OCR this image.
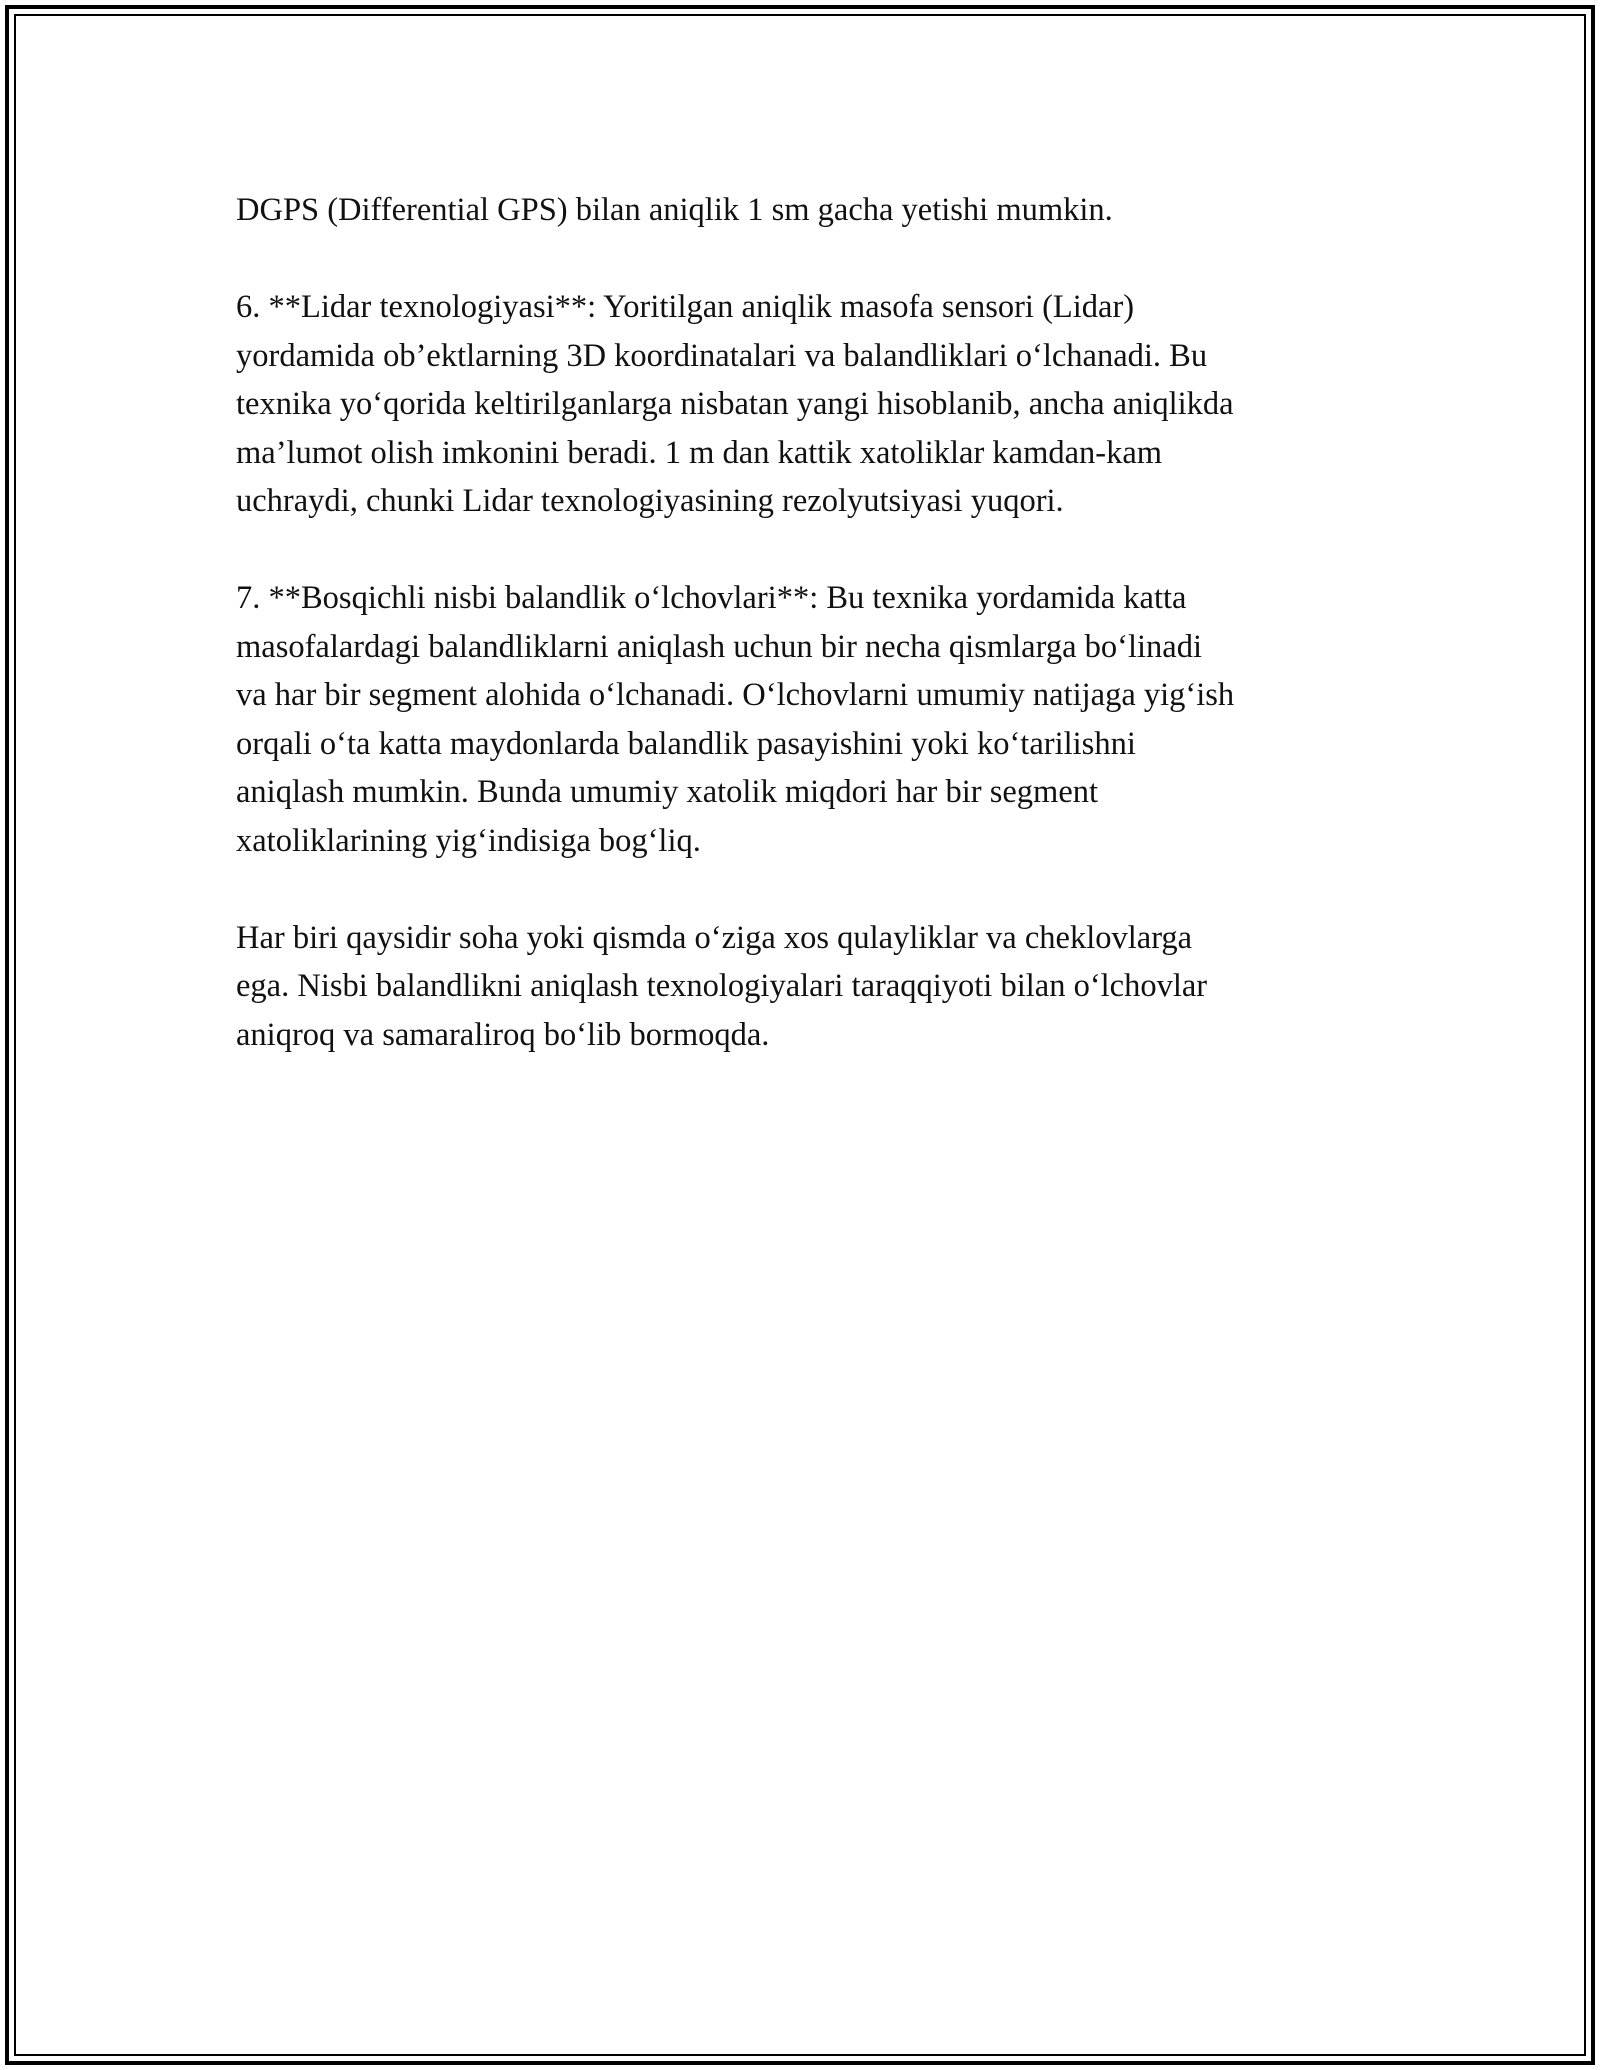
DGPS (Differential GPS) bilan aniqlik 1 sm gacha yetishi mumkin.

6. **Lidar texnologiyasi**: Yoritilgan aniqlik masofa sensori (Lidar)
yordamida ob’ektlarning 3D koordinatalari va balandliklari o‘lchanadi. Bu
texnika yo‘qorida keltirilganlarga nisbatan yangi hisoblanib, ancha aniqlikda
ma’lumot olish imkonini beradi. 1 m dan kattik xatoliklar kamdan-kam
uchraydi, chunki Lidar texnologiyasining rezolyutsiyasi yuqori.

7. **Bosqichli nisbi balandlik o‘lchovlari**: Bu texnika yordamida katta
masofalardagi balandliklarni aniqlash uchun bir necha qismlarga bo‘linadi
va har bir segment alohida o‘lchanadi. O‘lchovlarni umumiy natijaga yig‘ish
orqali o‘ta katta maydonlarda balandlik pasayishini yoki ko‘tarilishni
aniqlash mumkin. Bunda umumiy xatolik miqdori har bir segment
xatoliklarining yig‘indisiga bog‘liq.

Har biri qaysidir soha yoki qismda o‘ziga xos qulayliklar va cheklovlarga
ega. Nisbi balandlikni aniqlash texnologiyalari taraqqiyoti bilan o‘lchovlar
aniqroq va samaraliroq bo‘lib bormoqda.
